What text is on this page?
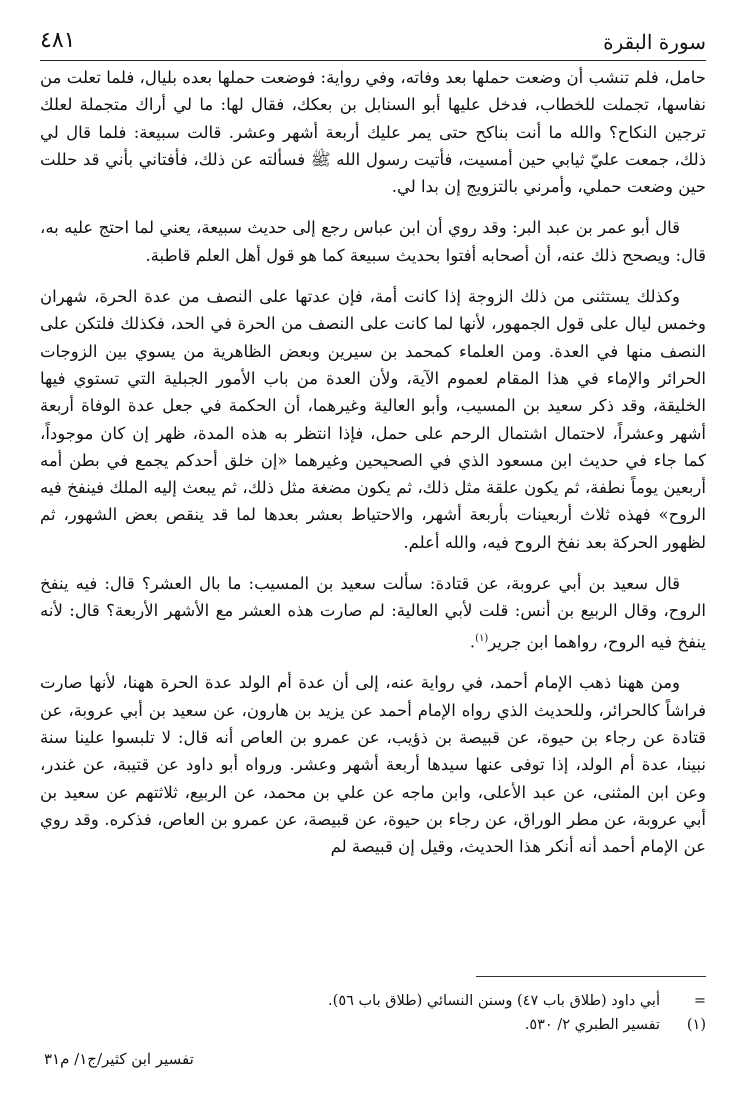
سورة البقرة
٤٨١

حامل، فلم تنشب أن وضعت حملها بعد وفاته، وفي رواية: فوضعت حملها بعده بليال، فلما تعلت من نفاسها، تجملت للخطاب، فدخل عليها أبو السنابل بن بعكك، فقال لها: ما لي أراك متجملة لعلك ترجين النكاح؟ والله ما أنت بناكح حتى يمر عليك أربعة أشهر وعشر. قالت سبيعة: فلما قال لي ذلك، جمعت عليّ ثيابي حين أمسيت، فأتيت رسول الله ﷺ فسألته عن ذلك، فأفتاني بأني قد حللت حين وضعت حملي، وأمرني بالتزويج إن بدا لي.

قال أبو عمر بن عبد البر: وقد روي أن ابن عباس رجع إلى حديث سبيعة، يعني لما احتج عليه به، قال: ويصحح ذلك عنه، أن أصحابه أفتوا بحديث سبيعة كما هو قول أهل العلم قاطبة.

وكذلك يستثنى من ذلك الزوجة إذا كانت أمة، فإن عدتها على النصف من عدة الحرة، شهران وخمس ليال على قول الجمهور، لأنها لما كانت على النصف من الحرة في الحد، فكذلك فلتكن على النصف منها في العدة. ومن العلماء كمحمد بن سيرين وبعض الظاهرية من يسوي بين الزوجات الحرائر والإماء في هذا المقام لعموم الآية، ولأن العدة من باب الأمور الجبلية التي تستوي فيها الخليقة، وقد ذكر سعيد بن المسيب، وأبو العالية وغيرهما، أن الحكمة في جعل عدة الوفاة أربعة أشهر وعشراً، لاحتمال اشتمال الرحم على حمل، فإذا انتظر به هذه المدة، ظهر إن كان موجوداً، كما جاء في حديث ابن مسعود الذي في الصحيحين وغيرهما «إن خلق أحدكم يجمع في بطن أمه أربعين يوماً نطفة، ثم يكون علقة مثل ذلك، ثم يكون مضغة مثل ذلك، ثم يبعث إليه الملك فينفخ فيه الروح» فهذه ثلاث أربعينات بأربعة أشهر، والاحتياط بعشر بعدها لما قد ينقص بعض الشهور، ثم لظهور الحركة بعد نفخ الروح فيه، والله أعلم.

قال سعيد بن أبي عروبة، عن قتادة: سألت سعيد بن المسيب: ما بال العشر؟ قال: فيه ينفخ الروح، وقال الربيع بن أنس: قلت لأبي العالية: لم صارت هذه العشر مع الأشهر الأربعة؟ قال: لأنه ينفخ فيه الروح، رواهما ابن جرير$^{(١)}$.

ومن ههنا ذهب الإمام أحمد، في رواية عنه، إلى أن عدة أم الولد عدة الحرة ههنا، لأنها صارت فراشاً كالحرائر، وللحديث الذي رواه الإمام أحمد عن يزيد بن هارون، عن سعيد بن أبي عروبة، عن قتادة عن رجاء بن حيوة، عن قبيصة بن ذؤيب، عن عمرو بن العاص أنه قال: لا تلبسوا علينا سنة نبينا، عدة أم الولد، إذا توفى عنها سيدها أربعة أشهر وعشر. ورواه أبو داود عن قتيبة، عن غندر، وعن ابن المثنى، عن عبد الأعلى، وابن ماجه عن علي بن محمد، عن الربيع، ثلاثتهم عن سعيد بن أبي عروبة، عن مطر الوراق، عن رجاء بن حيوة، عن قبيصة، عن عمرو بن العاص، فذكره. وقد روي عن الإمام أحمد أنه أنكر هذا الحديث، وقيل إن قبيصة لم

=أبي داود (طلاق باب ٤٧) وسنن النسائي (طلاق باب ٥٦).
(١)تفسير الطبري ٢/ ٥٣٠.
تفسير ابن كثير/ج١/ م٣١
